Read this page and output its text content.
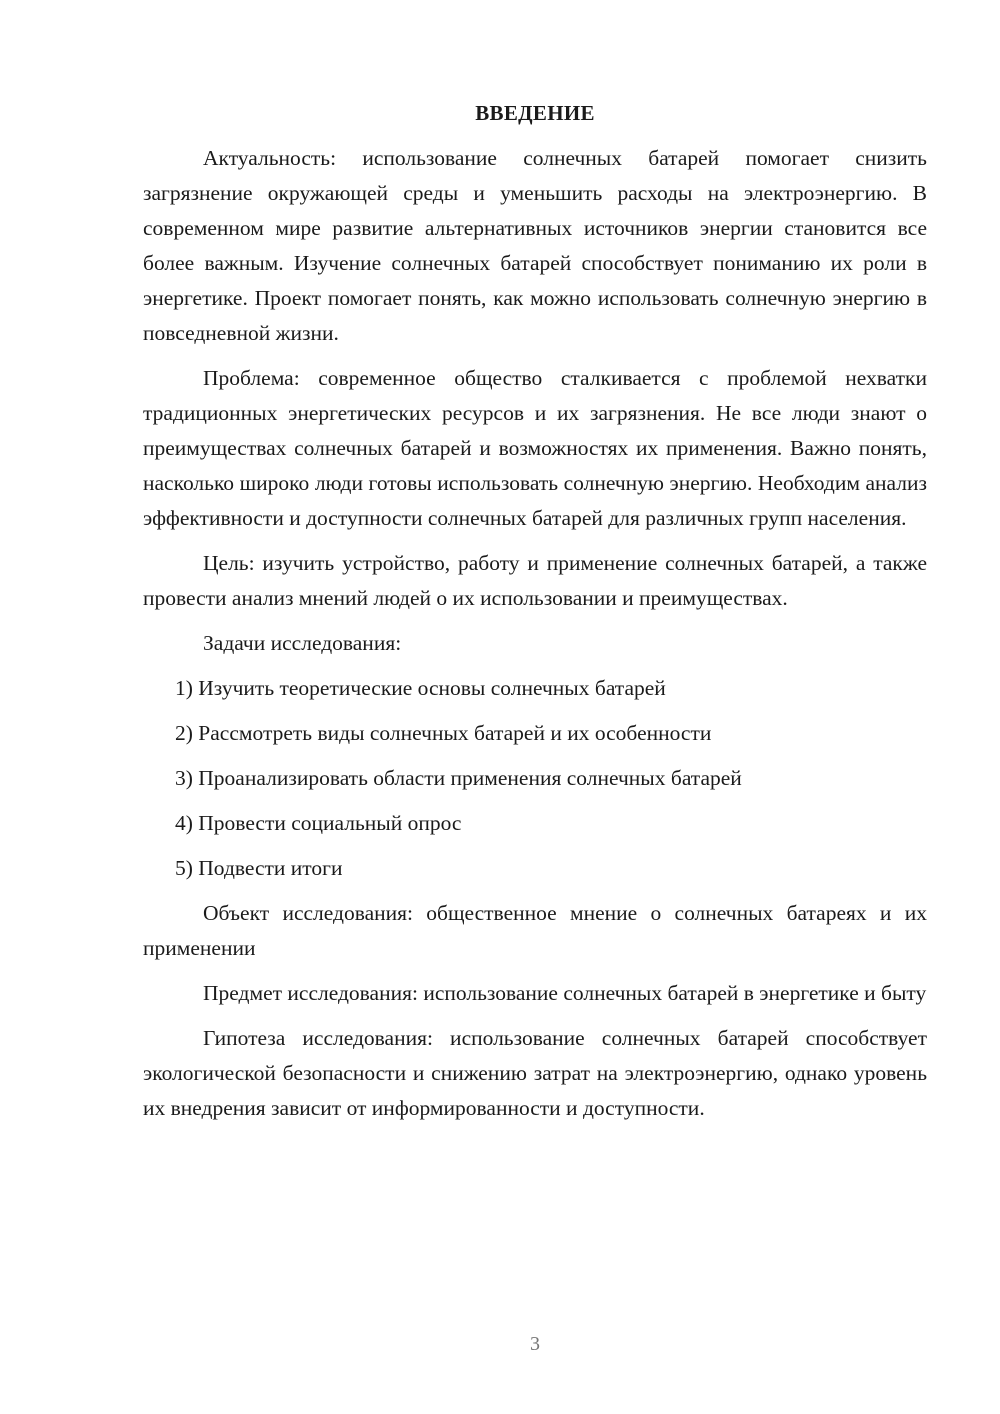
ВВЕДЕНИЕ

Актуальность: использование солнечных батарей помогает снизить загрязнение окружающей среды и уменьшить расходы на электроэнергию. В современном мире развитие альтернативных источников энергии становится все более важным. Изучение солнечных батарей способствует пониманию их роли в энергетике. Проект помогает понять, как можно использовать солнечную энергию в повседневной жизни.

Проблема: современное общество сталкивается с проблемой нехватки традиционных энергетических ресурсов и их загрязнения. Не все люди знают о преимуществах солнечных батарей и возможностях их применения. Важно понять, насколько широко люди готовы использовать солнечную энергию. Необходим анализ эффективности и доступности солнечных батарей для различных групп населения.

Цель: изучить устройство, работу и применение солнечных батарей, а также провести анализ мнений людей о их использовании и преимуществах.

Задачи исследования:

1) Изучить теоретические основы солнечных батарей

2) Рассмотреть виды солнечных батарей и их особенности

3) Проанализировать области применения солнечных батарей

4) Провести социальный опрос

5) Подвести итоги

Объект исследования: общественное мнение о солнечных батареях и их применении

Предмет исследования: использование солнечных батарей в энергетике и быту

Гипотеза исследования: использование солнечных батарей способствует экологической безопасности и снижению затрат на электроэнергию, однако уровень их внедрения зависит от информированности и доступности.

3
